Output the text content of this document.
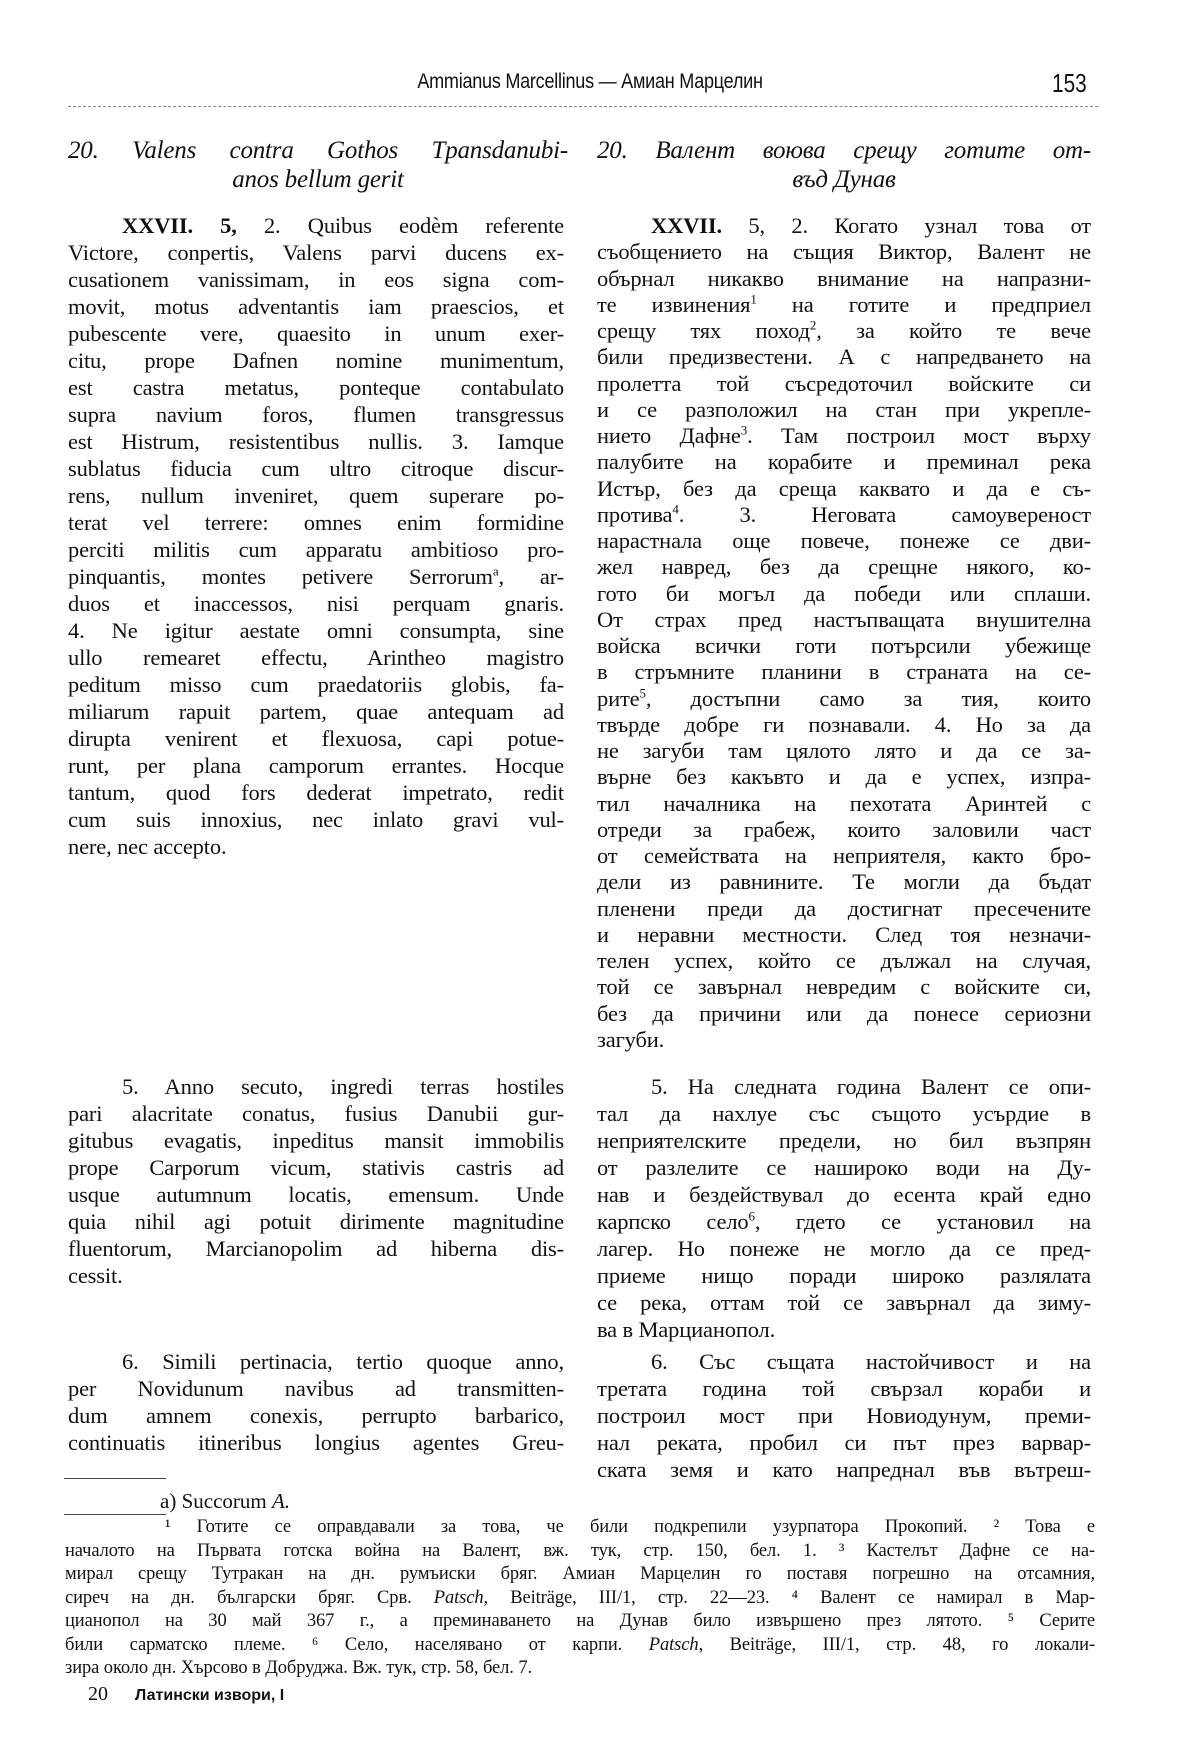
Ammianus Marcellinus — Амиан Марцелин	153
20. Valens contra Gothos Tpansdanubi-
anos bellum gerit
20. Валент воюва срещу готите от-
въд Дунав
XXVII. 5, 2. Quibus eodèm referente
Victore, conpertis, Valens parvi ducens ex-
cusationem vanissimam, in eos signa com-
movit, motus adventantis iam praescios, et
pubescente vere, quaesito in unum exer-
citu, prope Dafnen nomine munimentum,
est castra metatus, ponteque contabulato
supra navium foros, flumen transgressus
est Histrum, resistentibus nullis. 3. Iamque
sublatus fiducia cum ultro citroque discur-
rens, nullum inveniret, quem superare po-
terat vel terrere: omnes enim formidine
perciti militis cum apparatu ambitioso pro-
pinquantis, montes petivere Serrorum$^a$, ar-
duos et inaccessos, nisi perquam gnaris.
4. Ne igitur aestate omni consumpta, sine
ullo remearet effectu, Arintheo magistro
peditum misso cum praedatoriis globis, fa-
miliarum rapuit partem, quae antequam ad
dirupta venirent et flexuosa, capi potue-
runt, per plana camporum errantes. Hocque
tantum, quod fors dederat impetrato, redit
cum suis innoxius, nec inlato gravi vul-
nere, nec accepto.
5. Anno secuto, ingredi terras hostiles
pari alacritate conatus, fusius Danubii gur-
gitubus evagatis, inpeditus mansit immobilis
prope Carporum vicum, stativis castris ad
usque autumnum locatis, emensum. Unde
quia nihil agi potuit dirimente magnitudine
fluentorum, Marcianopolim ad hiberna dis-
cessit.
6. Simili pertinacia, tertio quoque anno,
per Novidunum navibus ad transmitten-
dum amnem conexis, perrupto barbarico,
continuatis itineribus longius agentes Greu-
XXVII. 5, 2. Когато узнал това от
съобщението на същия Виктор, Валент не
обърнал никакво внимание на напразни-
те извинения$^1$ на готите и предприел
срещу тях поход$^2$, за който те вече
били предизвестени. А с напредването на
пролетта той съсредоточил войските си
и се разположил на стан при укрепле-
нието Дафне$^3$. Там построил мост върху
палубите на корабите и преминал река
Истър, без да среща каквато и да е съ-
протива$^4$. 3. Неговата самоувереност
нарастнала още повече, понеже се дви-
жел навред, без да срещне някого, ко-
гото би могъл да победи или сплаши.
От страх пред настъпващата внушителна
войска всички готи потърсили убежище
в стръмните планини в страната на се-
рите$^5$, достъпни само за тия, които
твърде добре ги познавали. 4. Но за да
не загуби там цялото лято и да се за-
върне без какъвто и да е успех, изпра-
тил началника на пехотата Аринтей с
отреди за грабеж, които заловили част
от семействата на неприятеля, както бро-
дели из равнините. Те могли да бъдат
пленени преди да достигнат пресечените
и неравни местности. След тоя незначи-
телен успех, който се дължал на случая,
той се завърнал невредим с войските си,
без да причини или да понесе сериозни
загуби.
5. На следната година Валент се опи-
тал да нахлуе със същото усърдие в
неприятелските предели, но бил възпрян
от разлелите се нашироко води на Ду-
нав и бездействувал до есента край едно
карпско село$^6$, гдето се установил на
лагер. Но понеже не могло да се пред-
приеме нищо поради широко разлялата
се река, оттам той се завърнал да зиму-
ва в Марцианопол.
6. Със същата настойчивост и на
третата година той свързал кораби и
построил мост при Новиодунум, преми-
нал реката, пробил си път през варвар-
ската земя и като напреднал във вътреш-
a) Succorum A.
¹ Готите се оправдавали за това, че били подкрепили узурпатора Прокопий. ² Това е
началото на Първата готска война на Валент, вж. тук, стр. 150, бел. 1. ³ Кастелът Дафне се на-
мирал срещу Тутракан на дн. румъиски бряг. Амиан Марцелин го поставя погрешно на отсамния,
сиреч на дн. български бряг. Срв. Patsch, Beiträge, III/1, стр. 22—23. ⁴ Валент се намирал в Мар-
цианопол на 30 май 367 г., а преминаването на Дунав било извършено през лятото. ⁵ Серите
били сарматско племе. ⁶ Село, населявано от карпи. Patsch, Beiträge, III/1, стр. 48, го локали-
зира около дн. Хърсово в Добруджа. Вж. тук, стр. 58, бел. 7.
20 Латински извори, I
